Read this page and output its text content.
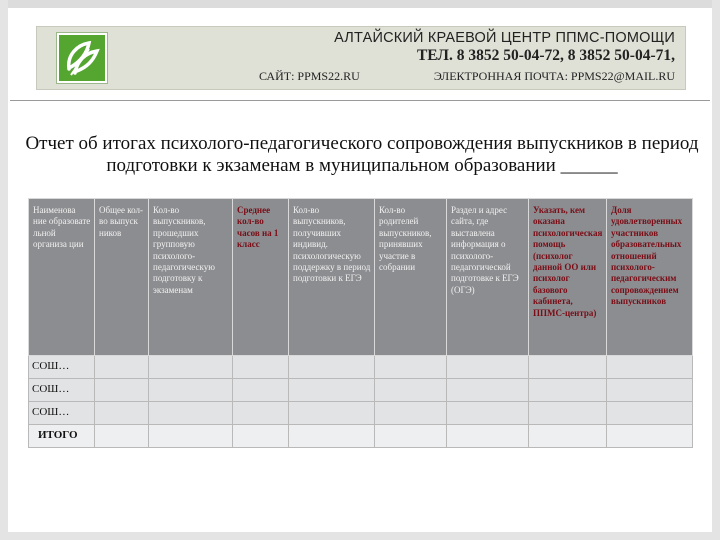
АЛТАЙСКИЙ КРАЕВОЙ ЦЕНТР ППМС-ПОМОЩИ
ТЕЛ. 8 3852 50-04-72, 8 3852 50-04-71,
САЙТ: PPMS22.RU	ЭЛЕКТРОННАЯ ПОЧТА: PPMS22@MAIL.RU
Отчет об итогах психолого-педагогического сопровождения выпускников в период подготовки к экзаменам в муниципальном образовании ______
Наименова ние образовате льной организа ции	Общее кол-во выпуск ников	Кол-во выпускников, прошедших групповую психолого-педагогическую подготовку к экзаменам	Среднее кол-во часов на 1 класс	Кол-во выпускников, получивших индивид. психологическую поддержку в период подготовки к ЕГЭ	Кол-во родителей выпускников, принявших участие в собрании	Раздел и адрес сайта, где выставлена информация о психолого-педагогической подготовке к ЕГЭ (ОГЭ)	Указать, кем оказана психологическая помощь (психолог данной ОО или психолог базового кабинета, ППМС-центра)	Доля удовлетворенных участников образовательных отношений психолого-педагогическим сопровождением выпускников
СОШ…								
СОШ…								
СОШ…								
ИТОГО								
